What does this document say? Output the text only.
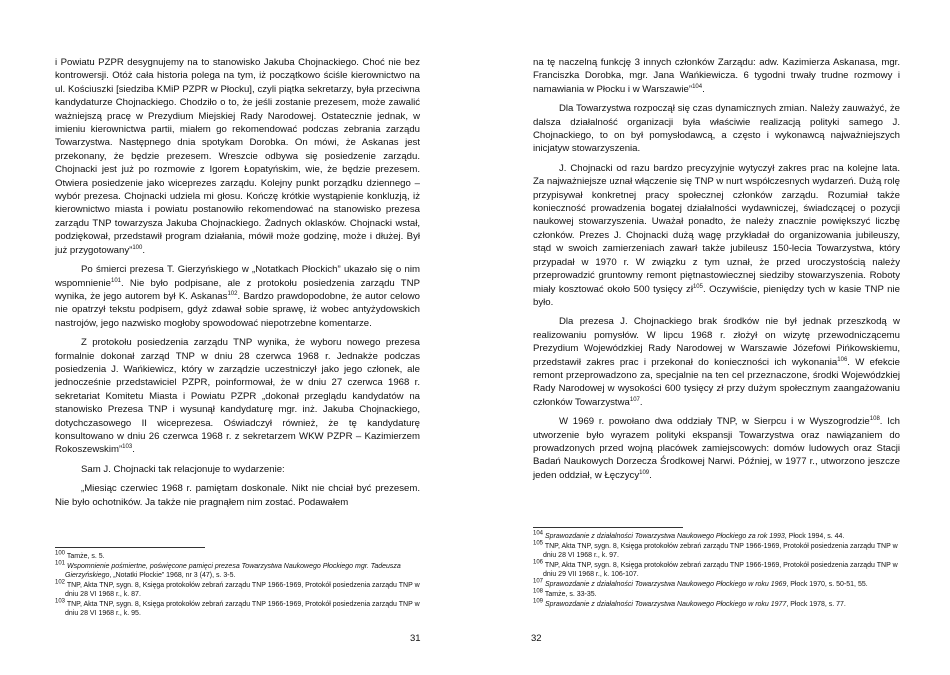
i Powiatu PZPR desygnujemy na to stanowisko Jakuba Chojnackiego. Choć nie bez kontrowersji. Otóż cała historia polega na tym, iż początkowo ściśle kierownictwo na ul. Kościuszki [siedziba KMiP PZPR w Płocku], czyli piątka sekretarzy, była przeciwna kandydaturze Chojnackiego. Chodziło o to, że jeśli zostanie prezesem, może zawalić ważniejszą pracę w Prezydium Miejskiej Rady Narodowej. Ostatecznie jednak, w imieniu kierownictwa partii, miałem go rekomendować podczas zebrania zarządu Towarzystwa. Następnego dnia spotykam Dorobka. On mówi, że Askanas jest przekonany, że będzie prezesem. Wreszcie odbywa się posiedzenie zarządu. Chojnacki jest już po rozmowie z Igorem Łopatyńskim, wie, że będzie prezesem. Otwiera posiedzenie jako wiceprezes zarządu. Kolejny punkt porządku dziennego – wybór prezesa. Chojnacki udziela mi głosu. Kończę krótkie wystąpienie konkluzją, iż kierownictwo miasta i powiatu postanowiło rekomendować na stanowisko prezesa zarządu TNP towarzysza Jakuba Chojnackiego. Żadnych oklasków. Chojnacki wstał, podziękował, przedstawił program działania, mówił może godzinę, może i dłużej. Był już przygotowany”$^{100}$.

Po śmierci prezesa T. Gierzyńskiego w „Notatkach Płockich” ukazało się o nim wspomnienie$^{101}$. Nie było podpisane, ale z protokołu posiedzenia zarządu TNP wynika, że jego autorem był K. Askanas$^{102}$. Bardzo prawdopodobne, że autor celowo nie opatrzył tekstu podpisem, gdyż zdawał sobie sprawę, iż wobec antyżydowskich nastrojów, jego nazwisko mogłoby spowodować niepotrzebne komentarze.

Z protokołu posiedzenia zarządu TNP wynika, że wyboru nowego prezesa formalnie dokonał zarząd TNP w dniu 28 czerwca 1968 r. Jednakże podczas posiedzenia J. Wańkiewicz, który w zarządzie uczestniczył jako jego członek, ale jednocześnie przedstawiciel PZPR, poinformował, że w dniu 27 czerwca 1968 r. sekretariat Komitetu Miasta i Powiatu PZPR „dokonał przeglądu kandydatów na stanowisko Prezesa TNP i wysunął kandydaturę mgr. inż. Jakuba Chojnackiego, dotychczasowego II wiceprezesa. Oświadczył również, że tę kandydaturę konsultowano w dniu 26 czerwca 1968 r. z sekretarzem WKW PZPR – Kazimierzem Rokoszewskim”$^{103}$.

Sam J. Chojnacki tak relacjonuje to wydarzenie:

„Miesiąc czerwiec 1968 r. pamiętam doskonale. Nikt nie chciał być prezesem. Nie było ochotników. Ja także nie pragnąłem nim zostać. Podawałem

$^{100}$ Tamże, s. 5.
$^{101}$ Wspomnienie pośmiertne, poświęcone pamięci prezesa Towarzystwa Naukowego Płockiego mgr. Tadeusza Gierzyńskiego, „Notatki Płockie” 1968, nr 3 (47), s. 3-5.
$^{102}$ TNP, Akta TNP, sygn. 8, Księga protokołów zebrań zarządu TNP 1966-1969, Protokół posiedzenia zarządu TNP w dniu 28 VI 1968 r., k. 87.
$^{103}$ TNP, Akta TNP, sygn. 8, Księga protokołów zebrań zarządu TNP 1966-1969, Protokół posiedzenia zarządu TNP w dniu 28 VI 1968 r., k. 95.
31

na tę naczelną funkcję 3 innych członków Zarządu: adw. Kazimierza Askanasa, mgr. Franciszka Dorobka, mgr. Jana Wańkiewicza. 6 tygodni trwały trudne rozmowy i namawiania w Płocku i w Warszawie”$^{104}$.

Dla Towarzystwa rozpoczął się czas dynamicznych zmian. Należy zauważyć, że dalsza działalność organizacji była właściwie realizacją polityki samego J. Chojnackiego, to on był pomysłodawcą, a często i wykonawcą najważniejszych inicjatyw stowarzyszenia.

J. Chojnacki od razu bardzo precyzyjnie wytyczył zakres prac na kolejne lata. Za najważniejsze uznał włączenie się TNP w nurt współczesnych wydarzeń. Dużą rolę przypisywał konkretnej pracy społecznej członków zarządu. Rozumiał także konieczność prowadzenia bogatej działalności wydawniczej, świadczącej o pozycji naukowej stowarzyszenia. Uważał ponadto, że należy znacznie powiększyć liczbę członków. Prezes J. Chojnacki dużą wagę przykładał do organizowania jubileuszy, stąd w swoich zamierzeniach zawarł także jubileusz 150-lecia Towarzystwa, który przypadał w 1970 r. W związku z tym uznał, że przed uroczystością należy przeprowadzić gruntowny remont piętnastowiecznej siedziby stowarzyszenia. Roboty miały kosztować około 500 tysięcy $zł^{105}$. Oczywiście, pieniędzy tych w kasie TNP nie było.

Dla prezesa J. Chojnackiego brak środków nie był jednak przeszkodą w realizowaniu pomysłów. W lipcu 1968 r. złożył on wizytę przewodniczącemu Prezydium Wojewódzkiej Rady Narodowej w Warszawie Józefowi Pińkowskiemu, przedstawił zakres prac i przekonał do konieczności ich wykonania$^{106}$. W efekcie remont przeprowadzono za, specjalnie na ten cel przeznaczone, środki Wojewódzkiej Rady Narodowej w wysokości 600 tysięcy zł przy dużym społecznym zaangażowaniu członków Towarzystwa$^{107}$.

W 1969 r. powołano dwa oddziały TNP, w Sierpcu i w Wyszogrodzie$^{108}$. Ich utworzenie było wyrazem polityki ekspansji Towarzystwa oraz nawiązaniem do prowadzonych przed wojną placówek zamiejscowych: domów ludowych oraz Stacji Badań Naukowych Dorzecza Środkowej Narwi. Później, w 1977 r., utworzono jeszcze jeden oddział, w Łęczycy$^{109}$.

$^{104}$ Sprawozdanie z działalności Towarzystwa Naukowego Płockiego za rok 1993, Płock 1994, s. 44.
$^{105}$ TNP, Akta TNP, sygn. 8, Księga protokołów zebrań zarządu TNP 1966-1969, Protokół posiedzenia zarządu TNP w dniu 28 VI 1968 r., k. 97.
$^{106}$ TNP, Akta TNP, sygn. 8, Księga protokołów zebrań zarządu TNP 1966-1969, Protokół posiedzenia zarządu TNP w dniu 29 VII 1968 r., k. 106-107.
$^{107}$ Sprawozdanie z działalności Towarzystwa Naukowego Płockiego w roku 1969, Płock 1970, s. 50-51, 55.
$^{108}$ Tamże, s. 33-35.
$^{109}$ Sprawozdanie z działalności Towarzystwa Naukowego Płockiego w roku 1977, Płock 1978, s. 77.
32
